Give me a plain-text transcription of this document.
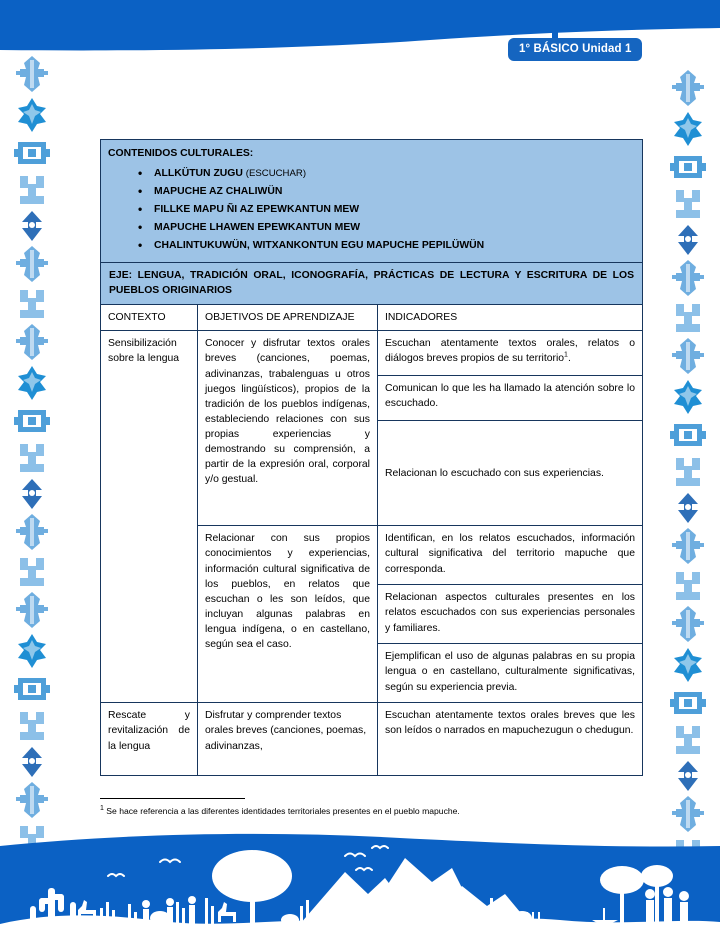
1° BÁSICO Unidad 1
CONTENIDOS CULTURALES:
• ALLKÜTUN ZUGU (ESCUCHAR)
• MAPUCHE AZ CHALIWÜN
• FILLKE MAPU ÑI AZ EPEWKANTUN MEW
• MAPUCHE LHAWEN EPEWKANTUN MEW
• CHALINTUKUWÜN, WITXANKONTUN EGU MAPUCHE PEPILÜWÜN

EJE: LENGUA, TRADICIÓN ORAL, ICONOGRAFÍA, PRÁCTICAS DE LECTURA Y ESCRITURA DE LOS PUEBLOS ORIGINARIOS		
CONTEXTO	OBJETIVOS DE APRENDIZAJE	INDICADORES
Sensibilización sobre la lengua	Conocer y disfrutar textos orales breves (canciones, poemas, adivinanzas, trabalenguas u otros juegos lingüísticos), propios de la tradición de los pueblos indígenas, estableciendo relaciones con sus propias experiencias y demostrando su comprensión, a partir de la expresión oral, corporal y/o gestual.	Escuchan atentamente textos orales, relatos o diálogos breves propios de su territorio$^1$.
		Comunican lo que les ha llamado la atención sobre lo escuchado.
		Relacionan lo escuchado con sus experiencias.
	Relacionar con sus propios conocimientos y experiencias, información cultural significativa de los pueblos, en relatos que escuchan o les son leídos, que incluyan algunas palabras en lengua indígena, o en castellano, según sea el caso.	Identifican, en los relatos escuchados, información cultural significativa del territorio mapuche que corresponda.
		Relacionan aspectos culturales presentes en los relatos escuchados con sus experiencias personales y familiares.
		Ejemplifican el uso de algunas palabras en su propia lengua o en castellano, culturalmente significativas, según su experiencia previa.
Rescate y revitalización de la lengua	Disfrutar y comprender textos orales breves (canciones, poemas, adivinanzas,	Escuchan atentamente textos orales breves que les son leídos o narrados en mapuchezugun o chedugun.
$^1$ Se hace referencia a las diferentes identidades territoriales presentes en el pueblo mapuche.
